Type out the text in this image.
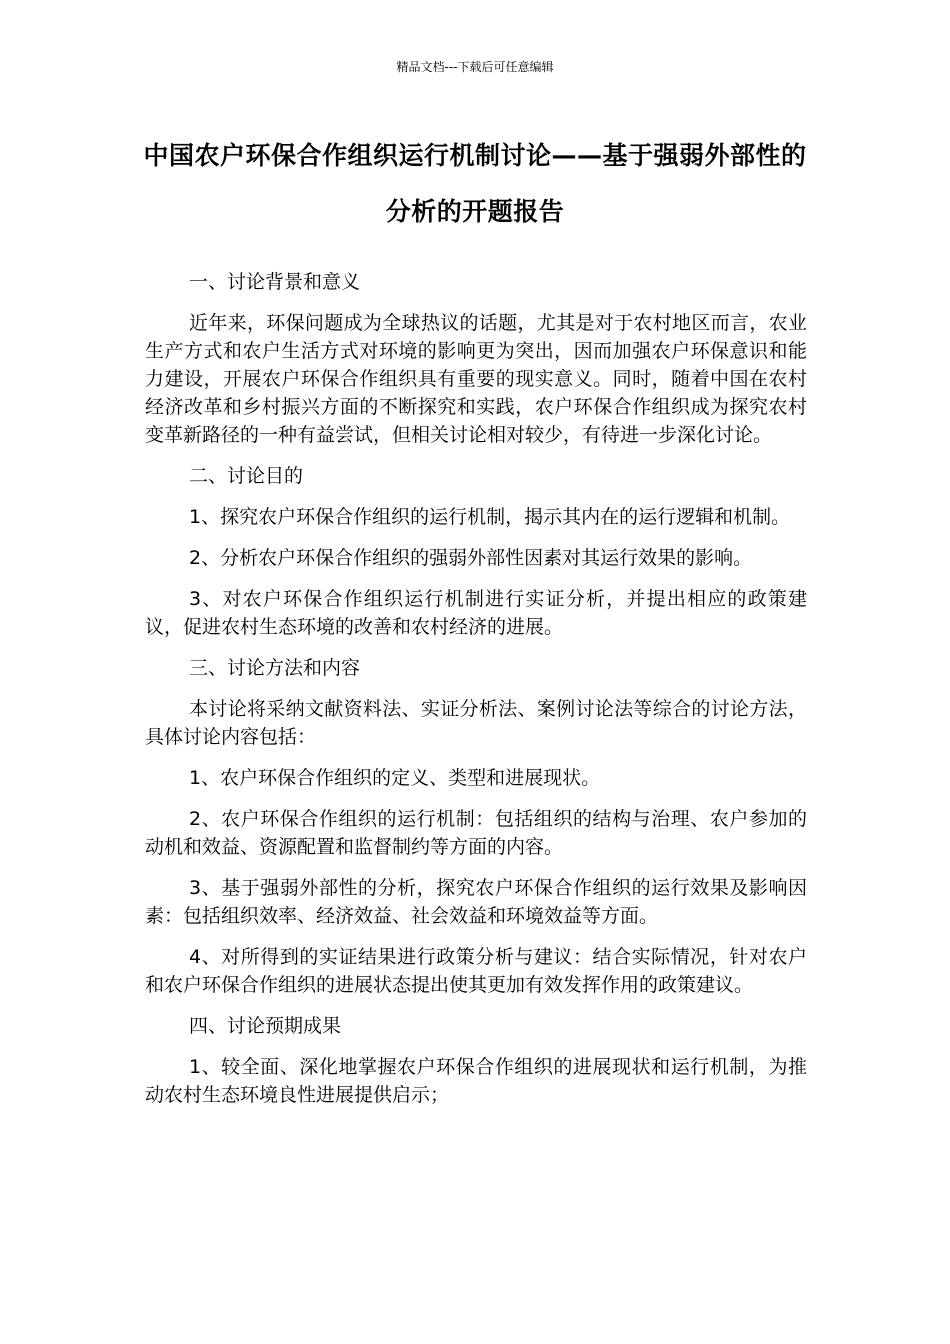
精品文档---下载后可任意编辑
中国农户环保合作组织运行机制讨论——基于强弱外部性的分析的开题报告
一、讨论背景和意义
近年来，环保问题成为全球热议的话题，尤其是对于农村地区而言，农业生产方式和农户生活方式对环境的影响更为突出，因而加强农户环保意识和能力建设，开展农户环保合作组织具有重要的现实意义。同时，随着中国在农村经济改革和乡村振兴方面的不断探究和实践，农户环保合作组织成为探究农村变革新路径的一种有益尝试，但相关讨论相对较少，有待进一步深化讨论。
二、讨论目的
1、探究农户环保合作组织的运行机制，揭示其内在的运行逻辑和机制。
2、分析农户环保合作组织的强弱外部性因素对其运行效果的影响。
3、对农户环保合作组织运行机制进行实证分析，并提出相应的政策建议，促进农村生态环境的改善和农村经济的进展。
三、讨论方法和内容
本讨论将采纳文献资料法、实证分析法、案例讨论法等综合的讨论方法，具体讨论内容包括：
1、农户环保合作组织的定义、类型和进展现状。
2、农户环保合作组织的运行机制：包括组织的结构与治理、农户参加的动机和效益、资源配置和监督制约等方面的内容。
3、基于强弱外部性的分析，探究农户环保合作组织的运行效果及影响因素：包括组织效率、经济效益、社会效益和环境效益等方面。
4、对所得到的实证结果进行政策分析与建议：结合实际情况，针对农户和农户环保合作组织的进展状态提出使其更加有效发挥作用的政策建议。
四、讨论预期成果
1、较全面、深化地掌握农户环保合作组织的进展现状和运行机制，为推动农村生态环境良性进展提供启示；
